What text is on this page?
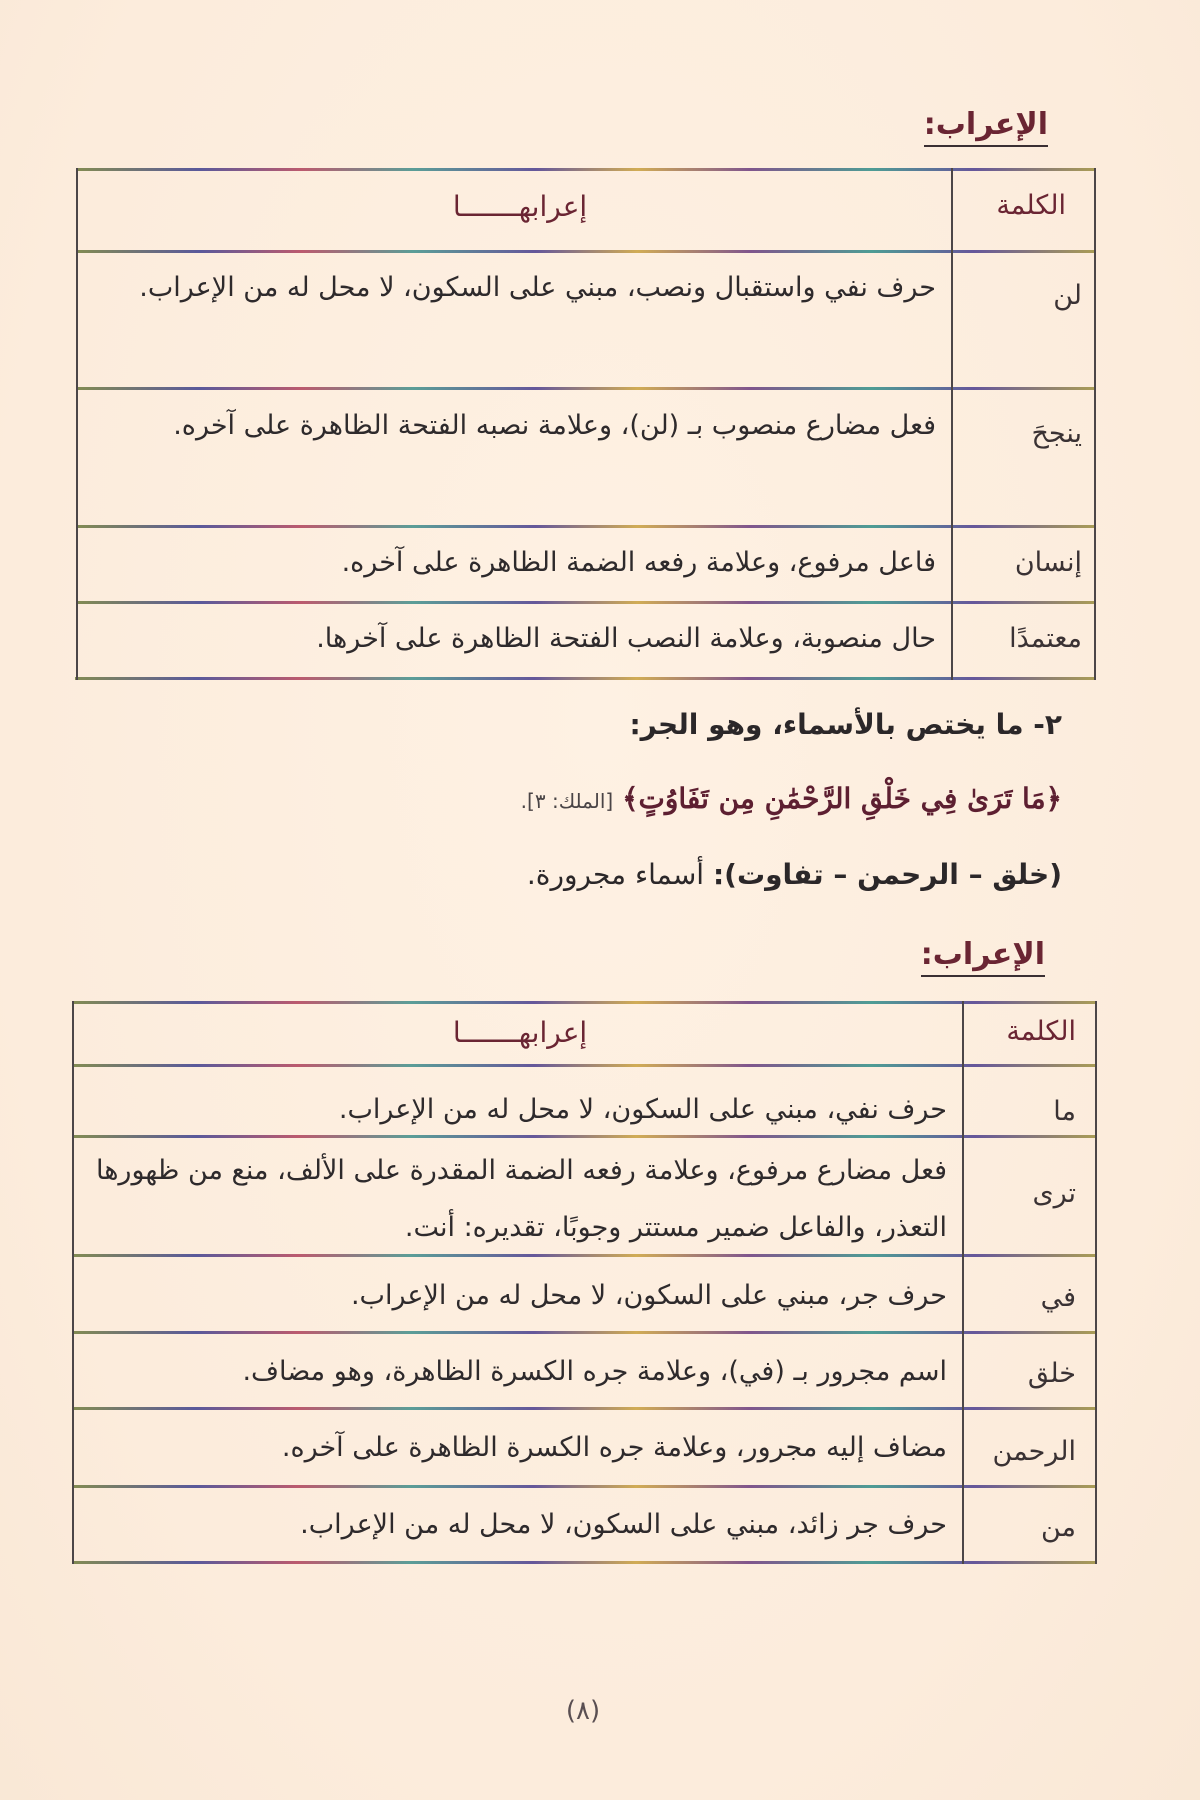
الإعراب:
الكلمة
إعرابهـــــــا
لن
حرف نفي واستقبال ونصب، مبني على السكون، لا محل له من الإعراب.
ينجحَ
فعل مضارع منصوب بـ (لن)، وعلامة نصبه الفتحة الظاهرة على آخره.
إنسان
فاعل مرفوع، وعلامة رفعه الضمة الظاهرة على آخره.
معتمدًا
حال منصوبة، وعلامة النصب الفتحة الظاهرة على آخرها.
٢- ما يختص بالأسماء، وهو الجر:
﴿مَا تَرَىٰ فِي خَلْقِ الرَّحْمَٰنِ مِن تَفَاوُتٍ﴾ [الملك: ٣].
(خلق – الرحمن – تفاوت): أسماء مجرورة.
الإعراب:
الكلمة
إعرابهـــــــا
ما
حرف نفي، مبني على السكون، لا محل له من الإعراب.
ترى
فعل مضارع مرفوع، وعلامة رفعه الضمة المقدرة على الألف، منع من ظهورها التعذر، والفاعل ضمير مستتر وجوبًا، تقديره: أنت.
في
حرف جر، مبني على السكون، لا محل له من الإعراب.
خلق
اسم مجرور بـ (في)، وعلامة جره الكسرة الظاهرة، وهو مضاف.
الرحمن
مضاف إليه مجرور، وعلامة جره الكسرة الظاهرة على آخره.
من
حرف جر زائد، مبني على السكون، لا محل له من الإعراب.
(٨)
